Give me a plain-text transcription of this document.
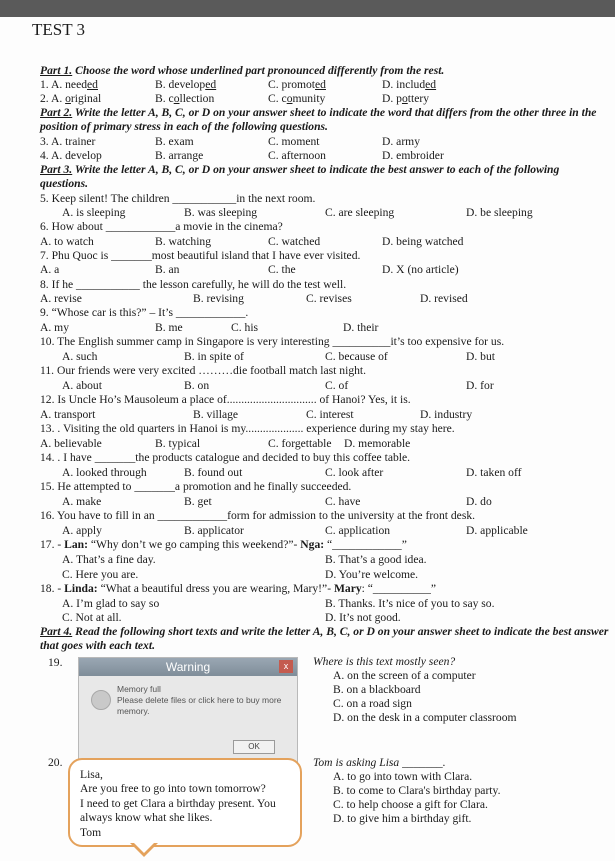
TEST 3
Part 1. Choose the word whose underlined part pronounced differently from the rest.
1. A. needed	B. developed	C. promoted	D. included
2. A. original	B. collection	C. comunity	D. pottery
Part 2. Write the letter A, B, C, or D on your answer sheet to indicate the word that differs from the other three in the position of primary stress in each of the following questions.
3. A. trainer	B. exam	C. moment	D. army
4. A. develop	B. arrange	C. afternoon	D. embroider
Part 3. Write the letter A, B, C, or D on your answer sheet to indicate the best answer to each of the following questions.
5. Keep silent! The children ___________in the next room.
A. is sleeping	B. was sleeping	C. are sleeping	D. be sleeping
6. How about ____________a movie in the cinema?
A. to watch	B. watching	C. watched	D. being watched
7. Phu Quoc is _______most beautiful island that I have ever visited.
A. a	B. an	C. the	D. X (no article)
8. If he ___________ the lesson carefully, he will do the test well.
A. revise	B. revising	C. revises	D. revised
9. “Whose car is this?” – It’s ____________.
A. my	B. me	C. his	D. their
10. The English summer camp in Singapore is very interesting __________it’s too expensive for us.
A. such	B. in spite of	C. because of	D. but
11. Our friends were very excited ………die football match last night.
A. about	B. on	C. of	D. for
12. Is Uncle Ho’s Mausoleum a place of............................... of Hanoi? Yes, it is.
A. transport	B. village	C. interest	D. industry
13. . Visiting the old quarters in Hanoi is my.................... experience during my stay here.
A. believable	B. typical	C. forgettable D. memorable
14. . I have _______the products catalogue and decided to buy this coffee table.
A. looked through	B. found out	C. look after	D. taken off
15. He attempted to _______a promotion and he finally succeeded.
A. make	B. get	C. have	D. do
16. You have to fill in an ____________form for admission to the university at the front desk.
A. apply	B. applicator	C. application	D. applicable
17. - Lan: “Why don’t we go camping this weekend?”- Nga: “____________”
A. That’s a fine day.	B. That’s a good idea.
C. Here you are.	D. You’re welcome.
18. - Linda: “What a beautiful dress you are wearing, Mary!”- Mary: “__________”
A. I’m glad to say so	B. Thanks. It’s nice of you to say so.
C. Not at all.	D. It’s not good.
Part 4. Read the following short texts and write the letter A, B, C, or D on your answer sheet to indicate the best answer that goes with each text.
19.	Warning	x
Memory full
Please delete files or click here to buy more memory.
OK
Where is this text mostly seen?
A. on the screen of a computer
B. on a blackboard
C. on a road sign
D. on the desk in a computer classroom
20.
Lisa,
Are you free to go into town tomorrow?
I need to get Clara a birthday present. You
always know what she likes.
Tom
Tom is asking Lisa _______.
A. to go into town with Clara.
B. to come to Clara's birthday party.
C. to help choose a gift for Clara.
D. to give him a birthday gift.
